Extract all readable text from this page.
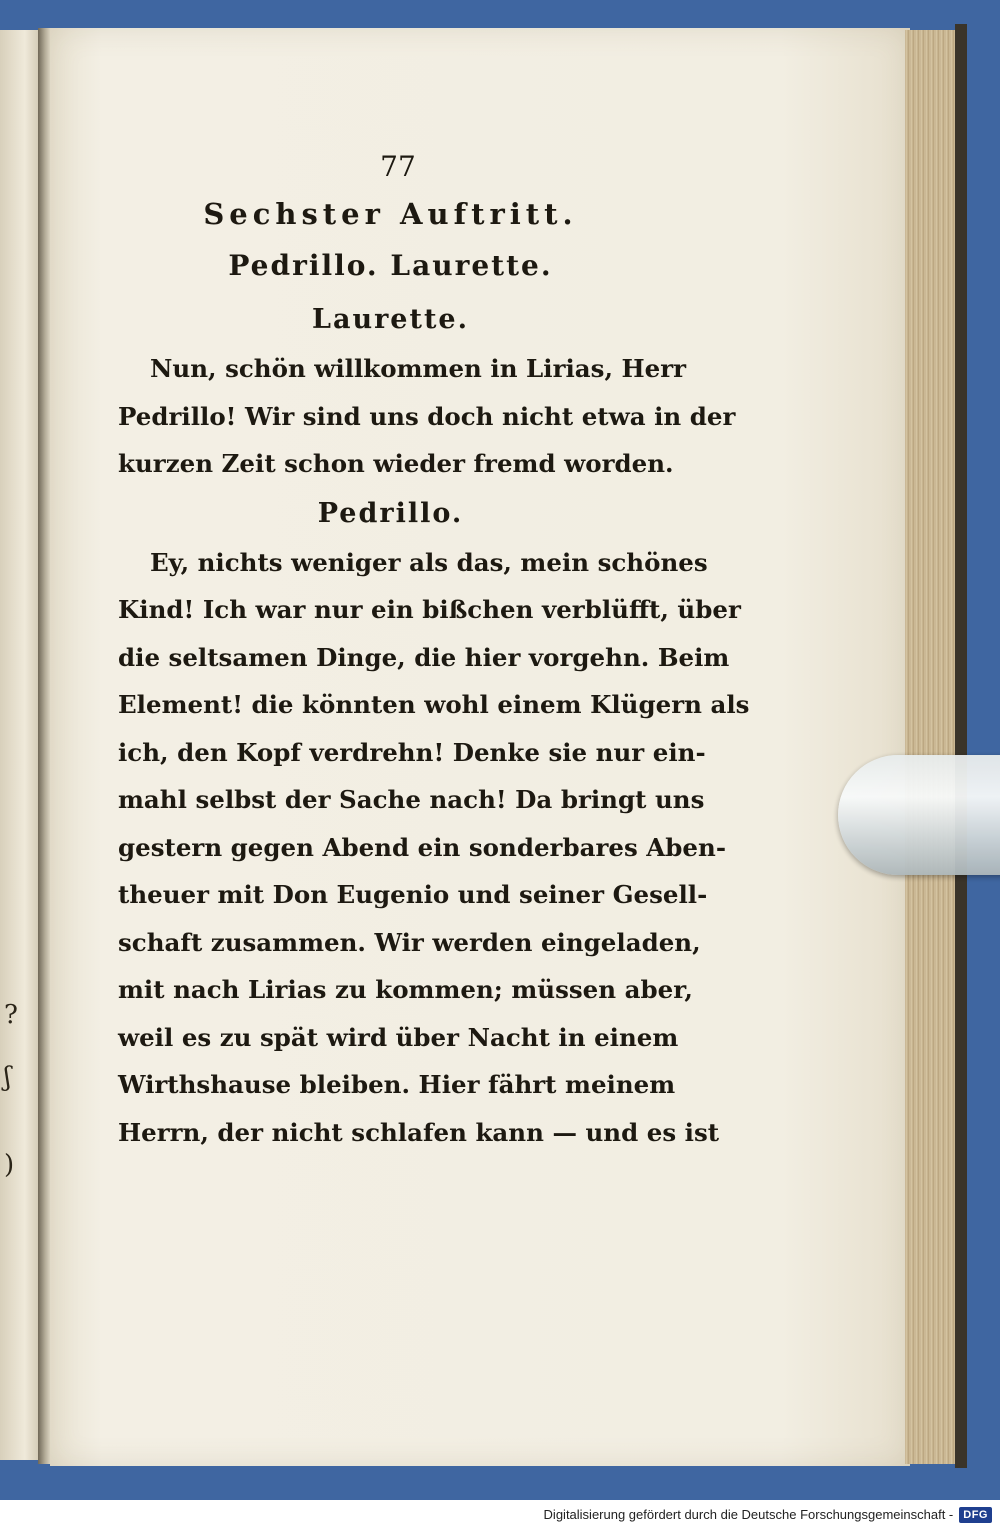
?
ʃ
)
77
Sechster Auftritt.
Pedrillo. Laurette.
Laurette.
Nun, schön willkommen in Lirias, Herr
Pedrillo! Wir sind uns doch nicht etwa in der
kurzen Zeit schon wieder fremd worden.
Pedrillo.
Ey, nichts weniger als das, mein schönes
Kind! Ich war nur ein bißchen verblüfft, über
die seltsamen Dinge, die hier vorgehn. Beim
Element! die könnten wohl einem Klügern als
ich, den Kopf verdrehn! Denke sie nur ein-
mahl selbst der Sache nach! Da bringt uns
gestern gegen Abend ein sonderbares Aben-
theuer mit Don Eugenio und seiner Gesell-
schaft zusammen. Wir werden eingeladen,
mit nach Lirias zu kommen; müssen aber,
weil es zu spät wird über Nacht in einem
Wirthshause bleiben. Hier fährt meinem
Herrn, der nicht schlafen kann — und es ist
Digitalisierung gefördert durch die Deutsche Forschungsgemeinschaft - DFG
